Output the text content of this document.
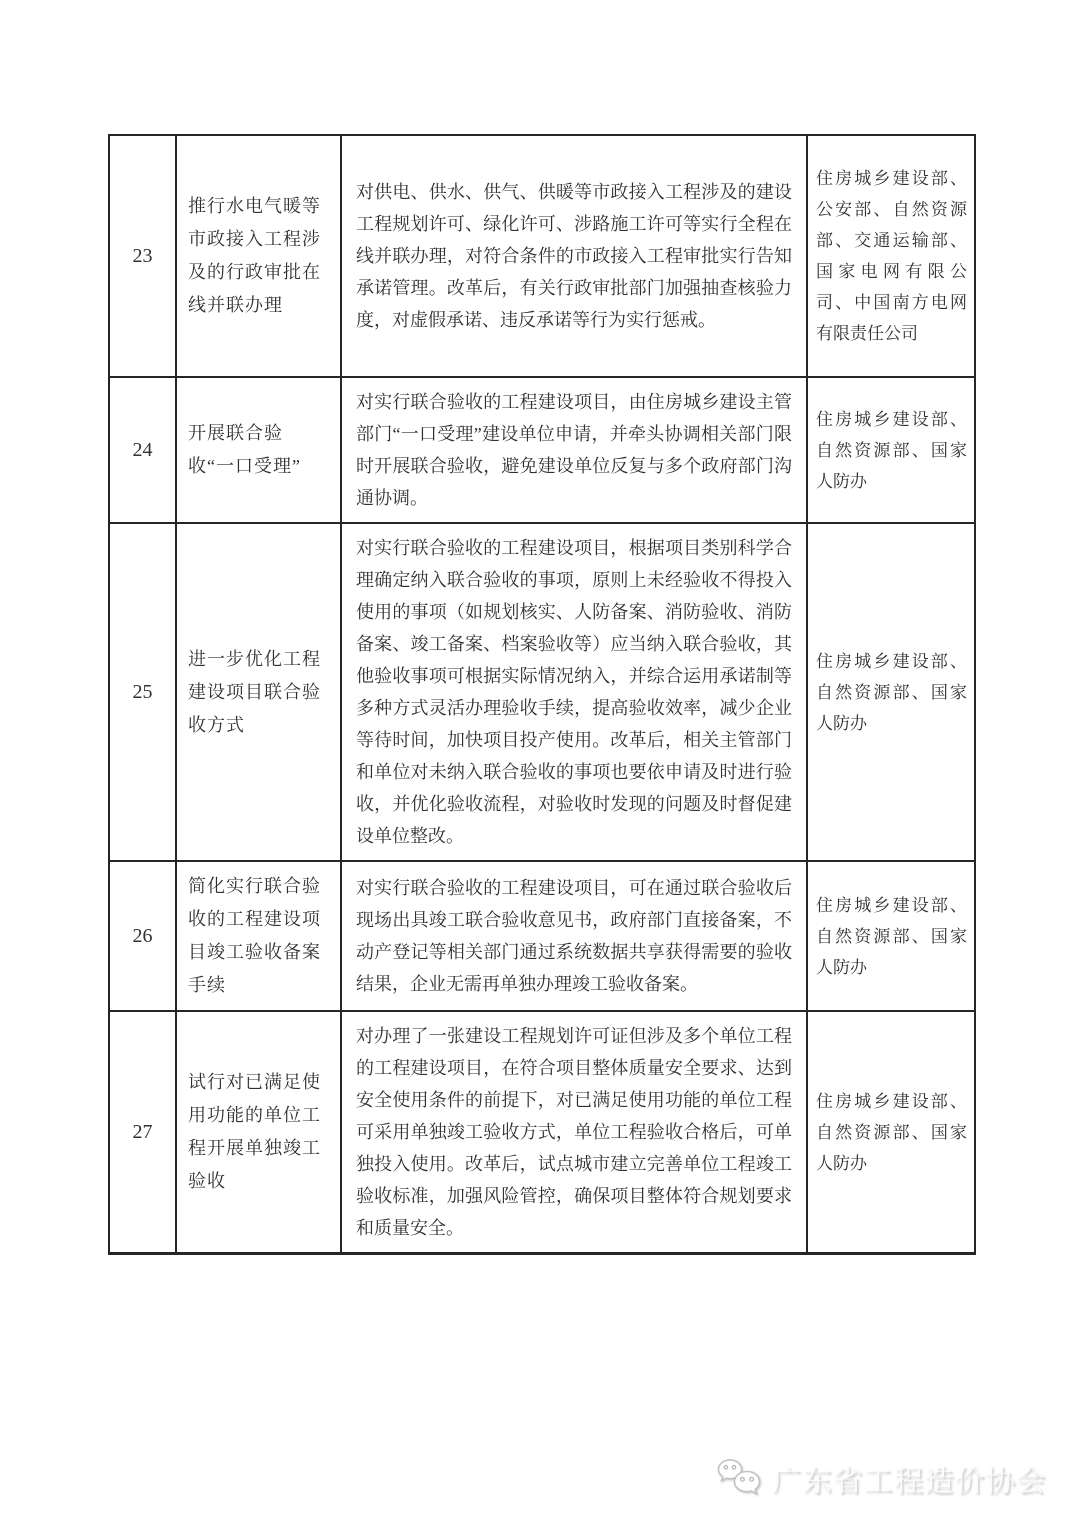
23	推行水电气暖等市政接入工程涉及的行政审批在线并联办理	对供电、供水、供气、供暖等市政接入工程涉及的建设工程规划许可、绿化许可、涉路施工许可等实行全程在线并联办理，对符合条件的市政接入工程审批实行告知承诺管理。改革后，有关行政审批部门加强抽查核验力度，对虚假承诺、违反承诺等行为实行惩戒。	住房城乡建设部、公安部、自然资源部、交通运输部、国家电网有限公司、中国南方电网有限责任公司
24	开展联合验收“一口受理”	对实行联合验收的工程建设项目，由住房城乡建设主管部门“一口受理”建设单位申请，并牵头协调相关部门限时开展联合验收，避免建设单位反复与多个政府部门沟通协调。	住房城乡建设部、自然资源部、国家人防办
25	进一步优化工程建设项目联合验收方式	对实行联合验收的工程建设项目，根据项目类别科学合理确定纳入联合验收的事项，原则上未经验收不得投入使用的事项（如规划核实、人防备案、消防验收、消防备案、竣工备案、档案验收等）应当纳入联合验收，其他验收事项可根据实际情况纳入，并综合运用承诺制等多种方式灵活办理验收手续，提高验收效率，减少企业等待时间，加快项目投产使用。改革后，相关主管部门和单位对未纳入联合验收的事项也要依申请及时进行验收，并优化验收流程，对验收时发现的问题及时督促建设单位整改。	住房城乡建设部、自然资源部、国家人防办
26	简化实行联合验收的工程建设项目竣工验收备案手续	对实行联合验收的工程建设项目，可在通过联合验收后现场出具竣工联合验收意见书，政府部门直接备案，不动产登记等相关部门通过系统数据共享获得需要的验收结果，企业无需再单独办理竣工验收备案。	住房城乡建设部、自然资源部、国家人防办
27	试行对已满足使用功能的单位工程开展单独竣工验收	对办理了一张建设工程规划许可证但涉及多个单位工程的工程建设项目，在符合项目整体质量安全要求、达到安全使用条件的前提下，对已满足使用功能的单位工程可采用单独竣工验收方式，单位工程验收合格后，可单独投入使用。改革后，试点城市建立完善单位工程竣工验收标准，加强风险管控，确保项目整体符合规划要求和质量安全。	住房城乡建设部、自然资源部、国家人防办
广东省工程造价协会
